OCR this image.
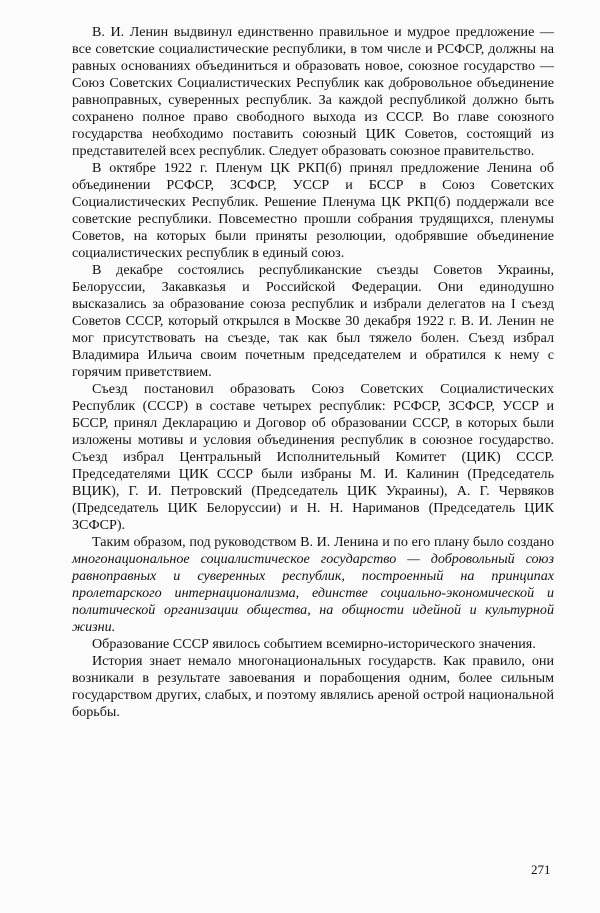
В. И. Ленин выдвинул единственно правильное и мудрое предложение — все советские социалистические республики, в том числе и РСФСР, должны на равных основаниях объединиться и образовать новое, союзное государство — Союз Советских Социалистических Республик как добровольное объединение равноправных, суверенных республик. За каждой республикой должно быть сохранено полное право свободного выхода из СССР. Во главе союзного государства необходимо поставить союзный ЦИК Советов, состоящий из представителей всех республик. Следует образовать союзное правительство.

В октябре 1922 г. Пленум ЦК РКП(б) принял предложение Ленина об объединении РСФСР, ЗСФСР, УССР и БССР в Союз Советских Социалистических Республик. Решение Пленума ЦК РКП(б) поддержали все советские республики. Повсеместно прошли собрания трудящихся, пленумы Советов, на которых были приняты резолюции, одобрявшие объединение социалистических республик в единый союз.

В декабре состоялись республиканские съезды Советов Украины, Белоруссии, Закавказья и Российской Федерации. Они единодушно высказались за образование союза республик и избрали делегатов на I съезд Советов СССР, который открылся в Москве 30 декабря 1922 г. В. И. Ленин не мог присутствовать на съезде, так как был тяжело болен. Съезд избрал Владимира Ильича своим почетным председателем и обратился к нему с горячим приветствием.

Съезд постановил образовать Союз Советских Социалистических Республик (СССР) в составе четырех республик: РСФСР, ЗСФСР, УССР и БССР, принял Декларацию и Договор об образовании СССР, в которых были изложены мотивы и условия объединения республик в союзное государство. Съезд избрал Центральный Исполнительный Комитет (ЦИК) СССР. Председателями ЦИК СССР были избраны М. И. Калинин (Председатель ВЦИК), Г. И. Петровский (Председатель ЦИК Украины), А. Г. Червяков (Председатель ЦИК Белоруссии) и Н. Н. Нариманов (Председатель ЦИК ЗСФСР).

Таким образом, под руководством В. И. Ленина и по его плану было создано многонациональное социалистическое государство — добровольный союз равноправных и суверенных республик, построенный на принципах пролетарского интернационализма, единстве социально-экономической и политической организации общества, на общности идейной и культурной жизни.

Образование СССР явилось событием всемирно-исторического значения.

История знает немало многонациональных государств. Как правило, они возникали в результате завоевания и порабощения одним, более сильным государством других, слабых, и поэтому являлись ареной острой национальной борьбы.

271
